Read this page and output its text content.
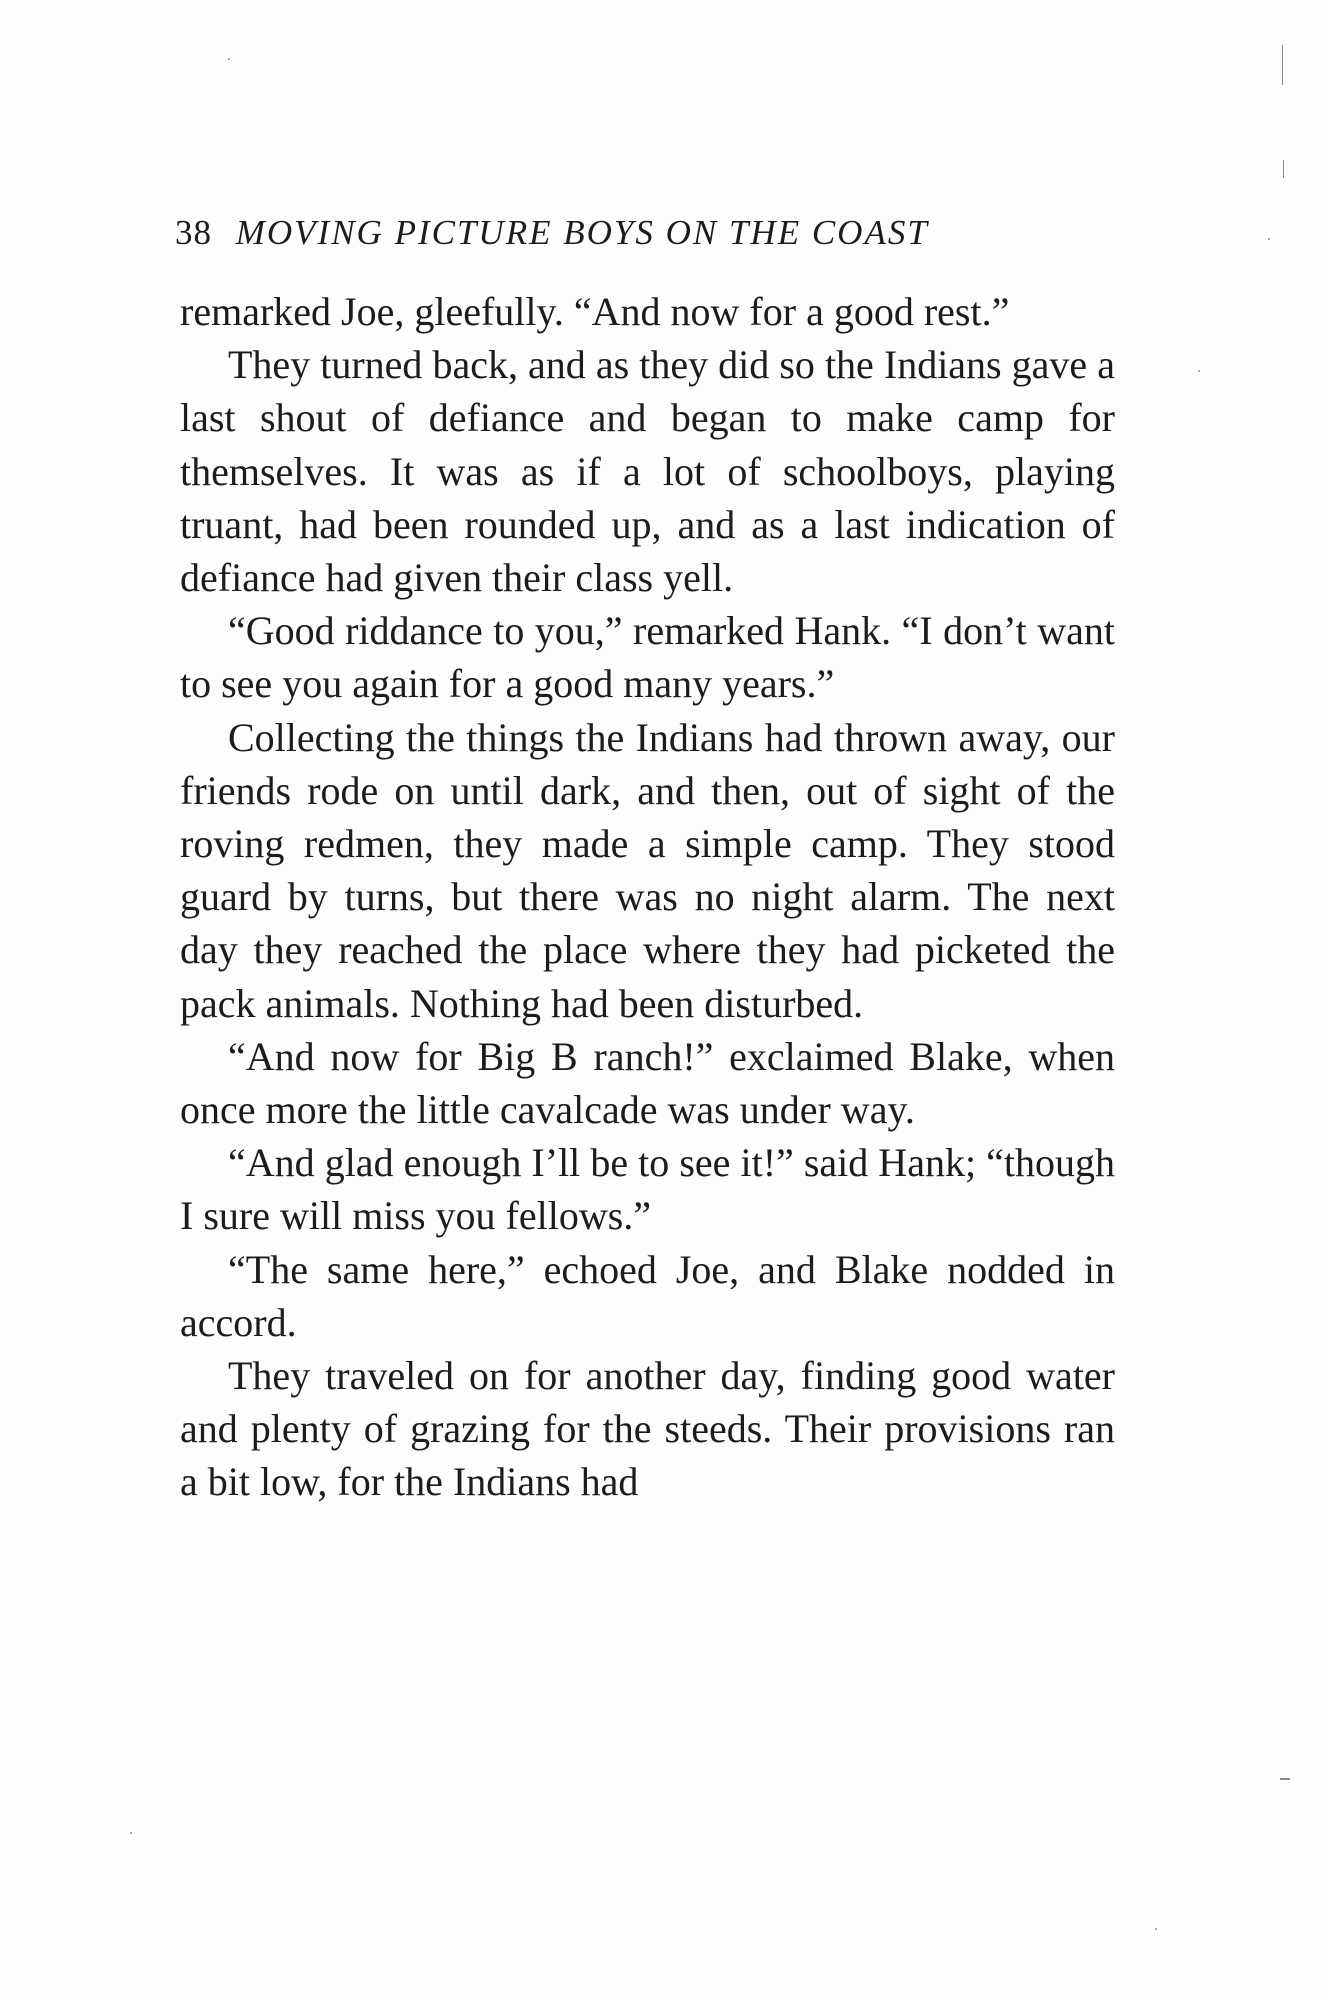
38 MOVING PICTURE BOYS ON THE COAST

remarked Joe, gleefully. “And now for a good rest.”

They turned back, and as they did so the Indians gave a last shout of defiance and began to make camp for themselves. It was as if a lot of schoolboys, playing truant, had been rounded up, and as a last indication of defiance had given their class yell.

“Good riddance to you,” remarked Hank. “I don’t want to see you again for a good many years.”

Collecting the things the Indians had thrown away, our friends rode on until dark, and then, out of sight of the roving redmen, they made a simple camp. They stood guard by turns, but there was no night alarm. The next day they reached the place where they had picketed the pack animals. Nothing had been disturbed.

“And now for Big B ranch!” exclaimed Blake, when once more the little cavalcade was under way.

“And glad enough I’ll be to see it!” said Hank; “though I sure will miss you fellows.”

“The same here,” echoed Joe, and Blake nodded in accord.

They traveled on for another day, finding good water and plenty of grazing for the steeds. Their provisions ran a bit low, for the Indians had
